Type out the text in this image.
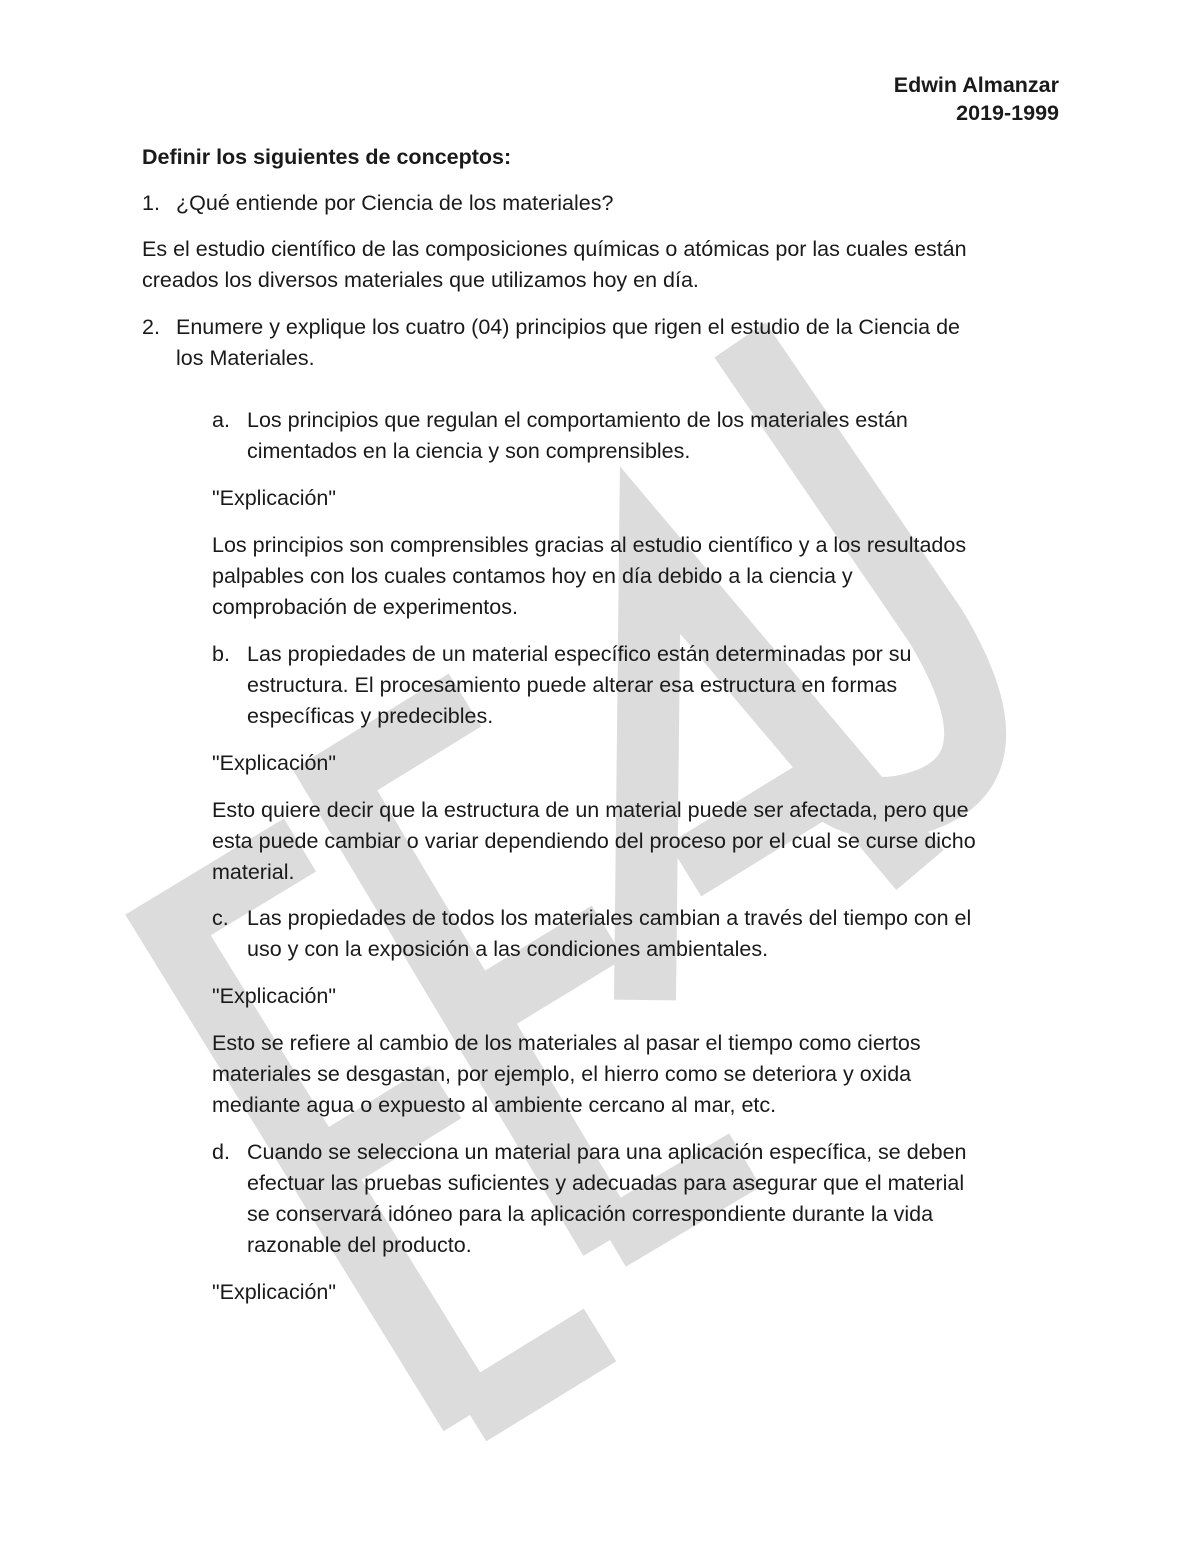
Edwin Almanzar

2019-1999

Definir los siguientes de conceptos:

1. ¿Qué entiende por Ciencia de los materiales?

Es el estudio científico de las composiciones químicas o atómicas por las cuales están

creados los diversos materiales que utilizamos hoy en día.

2. Enumere y explique los cuatro (04) principios que rigen el estudio de la Ciencia de

los Materiales.

a. Los principios que regulan el comportamiento de los materiales están

cimentados en la ciencia y son comprensibles.

"Explicación"

Los principios son comprensibles gracias al estudio científico y a los resultados

palpables con los cuales contamos hoy en día debido a la ciencia y

comprobación de experimentos.

b. Las propiedades de un material específico están determinadas por su

estructura. El procesamiento puede alterar esa estructura en formas

específicas y predecibles.

"Explicación"

Esto quiere decir que la estructura de un material puede ser afectada, pero que

esta puede cambiar o variar dependiendo del proceso por el cual se curse dicho

material.

c. Las propiedades de todos los materiales cambian a través del tiempo con el

uso y con la exposición a las condiciones ambientales.

"Explicación"

Esto se refiere al cambio de los materiales al pasar el tiempo como ciertos

materiales se desgastan, por ejemplo, el hierro como se deteriora y oxida

mediante agua o expuesto al ambiente cercano al mar, etc.

d. Cuando se selecciona un material para una aplicación específica, se deben

efectuar las pruebas suficientes y adecuadas para asegurar que el material

se conservará idóneo para la aplicación correspondiente durante la vida

razonable del producto.

"Explicación"
